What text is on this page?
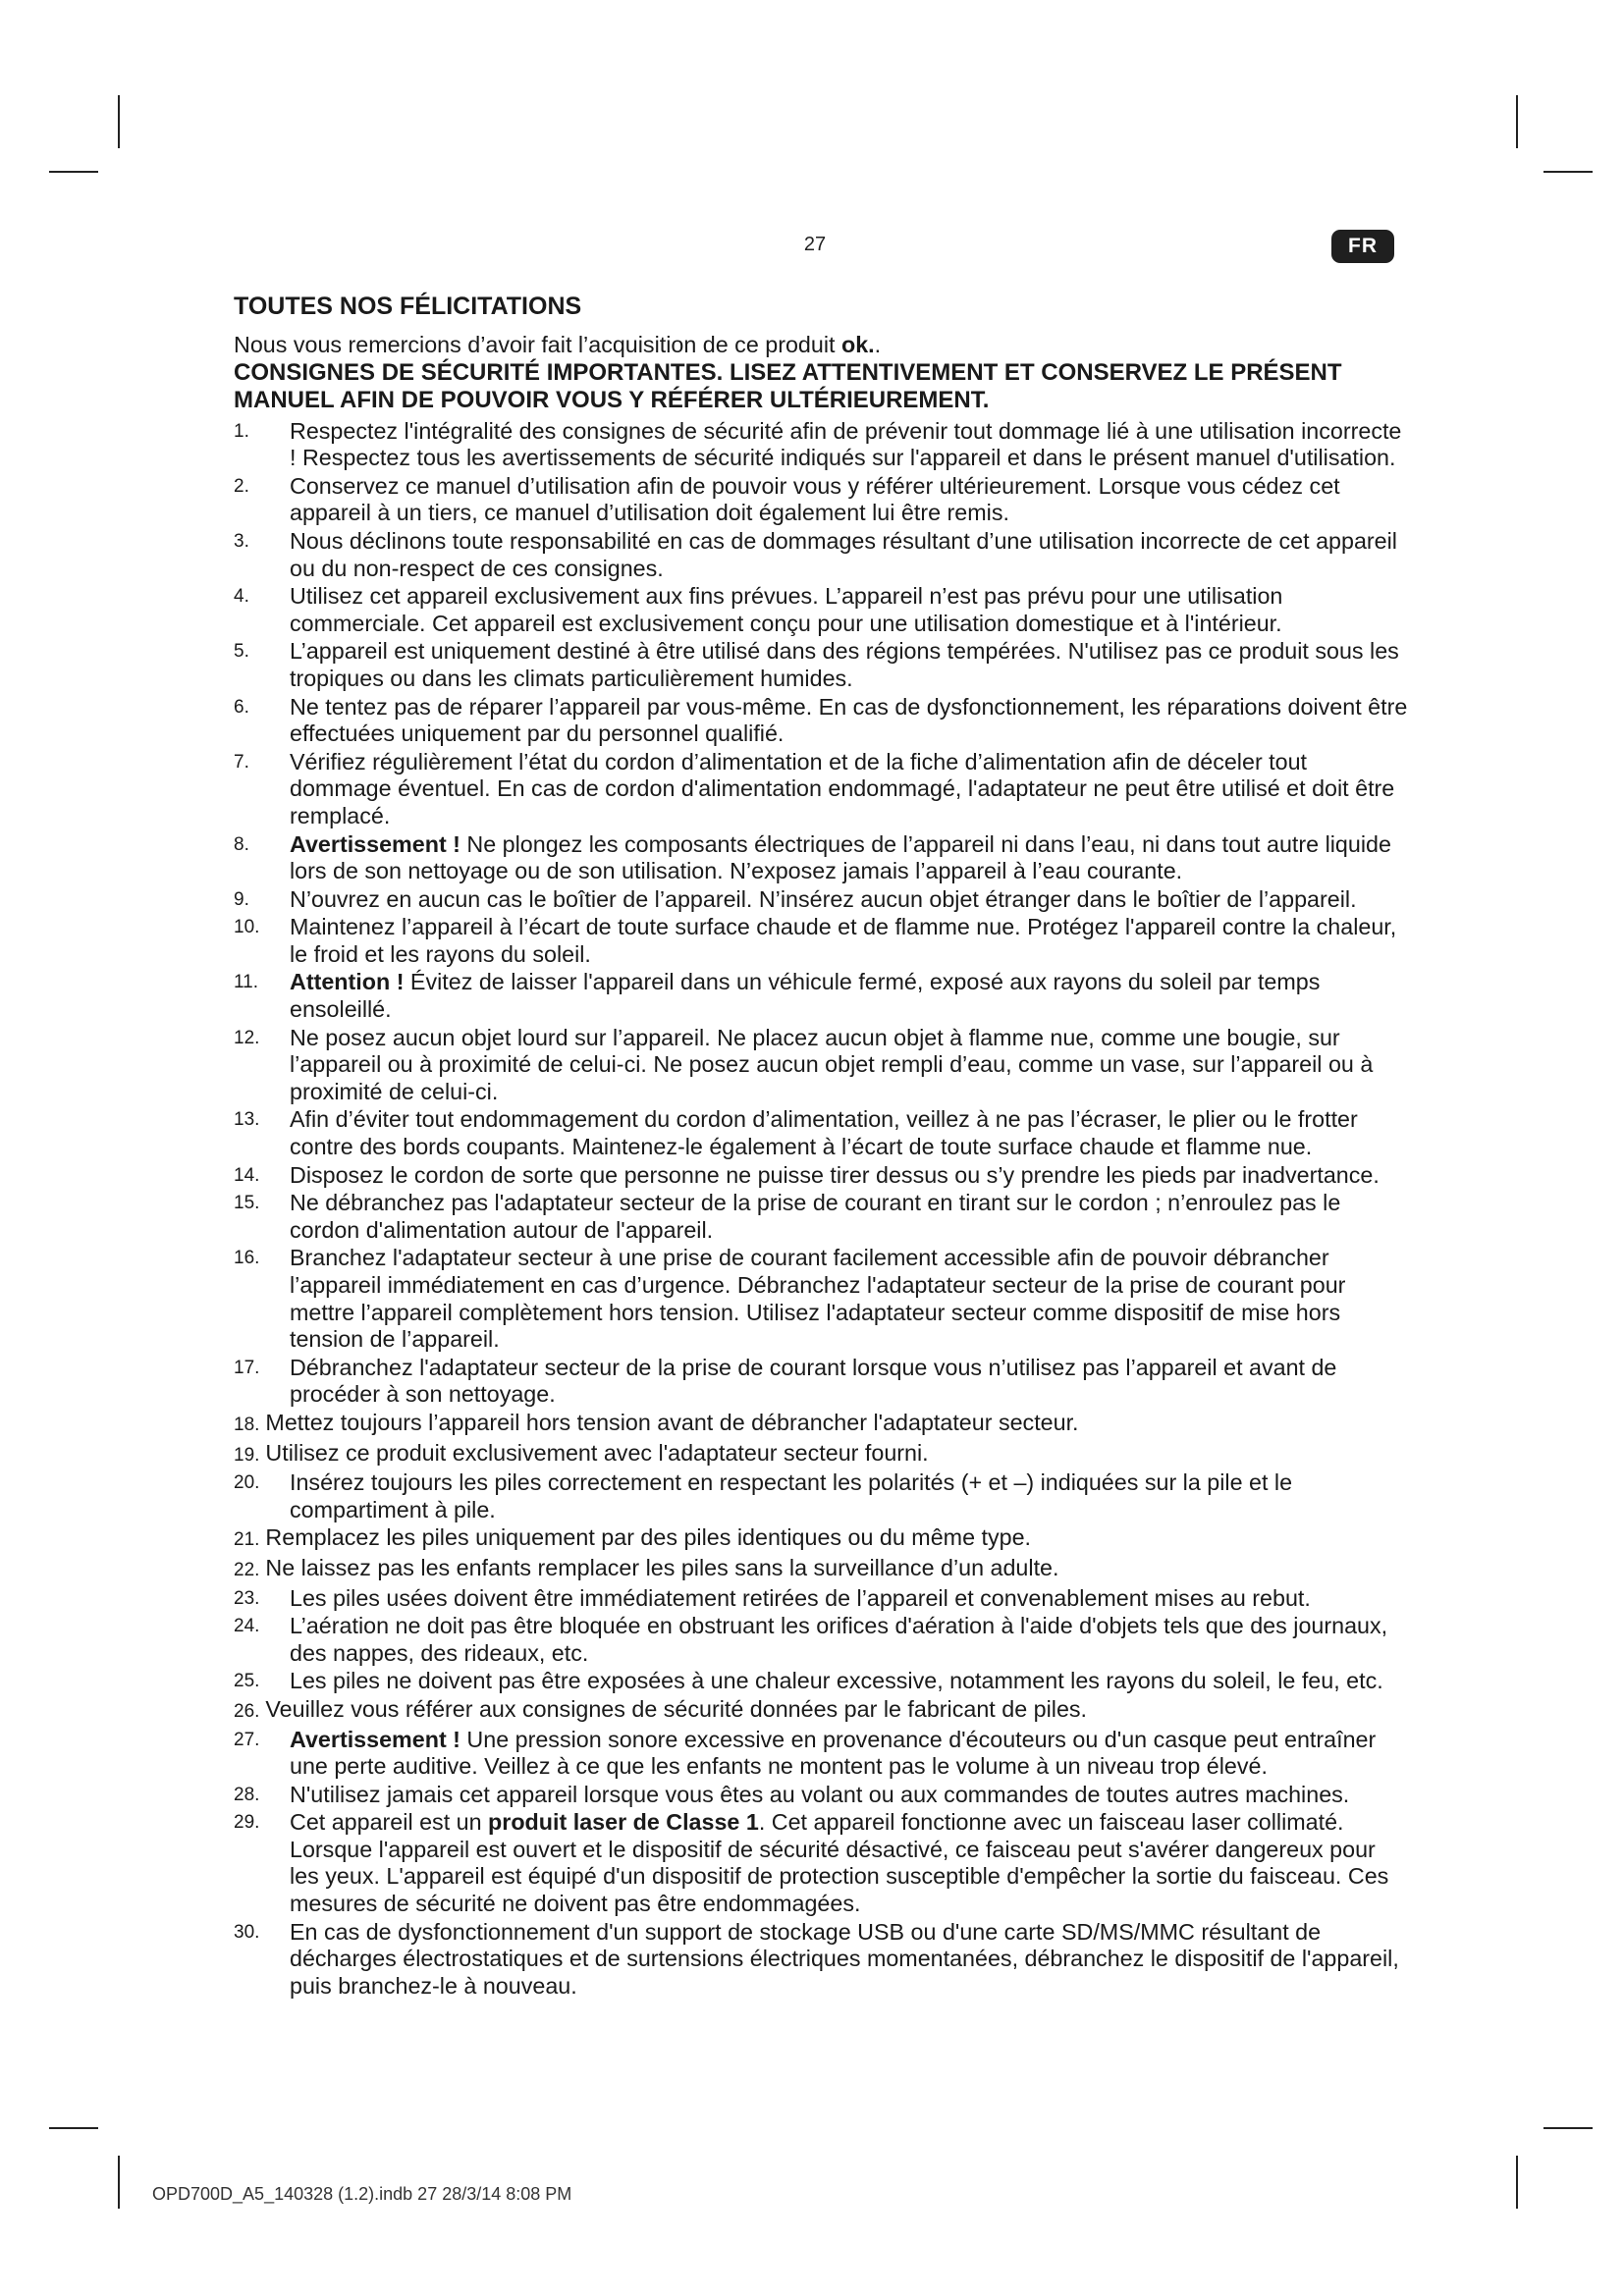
27	FR
TOUTES NOS FÉLICITATIONS

Nous vous remercions d’avoir fait l’acquisition de ce produit ok..

CONSIGNES DE SÉCURITÉ IMPORTANTES. LISEZ ATTENTIVEMENT ET CONSERVEZ LE PRÉSENT MANUEL AFIN DE POUVOIR VOUS Y RÉFÉRER ULTÉRIEUREMENT.

1. Respectez l'intégralité des consignes de sécurité afin de prévenir tout dommage lié à une utilisation incorrecte ! Respectez tous les avertissements de sécurité indiqués sur l'appareil et dans le présent manuel d'utilisation.
2. Conservez ce manuel d’utilisation afin de pouvoir vous y référer ultérieurement. Lorsque vous cédez cet appareil à un tiers, ce manuel d’utilisation doit également lui être remis.
3. Nous déclinons toute responsabilité en cas de dommages résultant d’une utilisation incorrecte de cet appareil ou du non-respect de ces consignes.
4. Utilisez cet appareil exclusivement aux fins prévues. L’appareil n’est pas prévu pour une utilisation commerciale. Cet appareil est exclusivement conçu pour une utilisation domestique et à l'intérieur.
5. L’appareil est uniquement destiné à être utilisé dans des régions tempérées. N'utilisez pas ce produit sous les tropiques ou dans les climats particulièrement humides.
6. Ne tentez pas de réparer l’appareil par vous-même. En cas de dysfonctionnement, les réparations doivent être effectuées uniquement par du personnel qualifié.
7. Vérifiez régulièrement l’état du cordon d’alimentation et de la fiche d’alimentation afin de déceler tout dommage éventuel. En cas de cordon d'alimentation endommagé, l'adaptateur ne peut être utilisé et doit être remplacé.
8. Avertissement ! Ne plongez les composants électriques de l’appareil ni dans l’eau, ni dans tout autre liquide lors de son nettoyage ou de son utilisation. N’exposez jamais l’appareil à l’eau courante.
9. N’ouvrez en aucun cas le boîtier de l’appareil. N’insérez aucun objet étranger dans le boîtier de l’appareil.
10. Maintenez l’appareil à l’écart de toute surface chaude et de flamme nue. Protégez l'appareil contre la chaleur, le froid et les rayons du soleil.
11. Attention ! Évitez de laisser l'appareil dans un véhicule fermé, exposé aux rayons du soleil par temps ensoleillé.
12. Ne posez aucun objet lourd sur l’appareil. Ne placez aucun objet à flamme nue, comme une bougie, sur l’appareil ou à proximité de celui-ci. Ne posez aucun objet rempli d’eau, comme un vase, sur l’appareil ou à proximité de celui-ci.
13. Afin d’éviter tout endommagement du cordon d’alimentation, veillez à ne pas l’écraser, le plier ou le frotter contre des bords coupants. Maintenez-le également à l’écart de toute surface chaude et flamme nue.
14. Disposez le cordon de sorte que personne ne puisse tirer dessus ou s’y prendre les pieds par inadvertance.
15. Ne débranchez pas l'adaptateur secteur de la prise de courant en tirant sur le cordon ; n’enroulez pas le cordon d'alimentation autour de l'appareil.
16. Branchez l'adaptateur secteur à une prise de courant facilement accessible afin de pouvoir débrancher l’appareil immédiatement en cas d’urgence. Débranchez l'adaptateur secteur de la prise de courant pour mettre l’appareil complètement hors tension. Utilisez l'adaptateur secteur comme dispositif de mise hors tension de l’appareil.
17. Débranchez l'adaptateur secteur de la prise de courant lorsque vous n’utilisez pas l’appareil et avant de procéder à son nettoyage.
18. Mettez toujours l’appareil hors tension avant de débrancher l'adaptateur secteur.
19. Utilisez ce produit exclusivement avec l'adaptateur secteur fourni.
20. Insérez toujours les piles correctement en respectant les polarités (+ et –) indiquées sur la pile et le compartiment à pile.
21. Remplacez les piles uniquement par des piles identiques ou du même type.
22. Ne laissez pas les enfants remplacer les piles sans la surveillance d’un adulte.
23. Les piles usées doivent être immédiatement retirées de l’appareil et convenablement mises au rebut.
24. L’aération ne doit pas être bloquée en obstruant les orifices d'aération à l'aide d'objets tels que des journaux, des nappes, des rideaux, etc.
25. Les piles ne doivent pas être exposées à une chaleur excessive, notamment les rayons du soleil, le feu, etc.
26. Veuillez vous référer aux consignes de sécurité données par le fabricant de piles.
27. Avertissement ! Une pression sonore excessive en provenance d'écouteurs ou d'un casque peut entraîner une perte auditive. Veillez à ce que les enfants ne montent pas le volume à un niveau trop élevé.
28. N'utilisez jamais cet appareil lorsque vous êtes au volant ou aux commandes de toutes autres machines.
29. Cet appareil est un produit laser de Classe 1. Cet appareil fonctionne avec un faisceau laser collimaté. Lorsque l'appareil est ouvert et le dispositif de sécurité désactivé, ce faisceau peut s'avérer dangereux pour les yeux. L'appareil est équipé d'un dispositif de protection susceptible d'empêcher la sortie du faisceau. Ces mesures de sécurité ne doivent pas être endommagées.
30. En cas de dysfonctionnement d'un support de stockage USB ou d'une carte SD/MS/MMC résultant de décharges électrostatiques et de surtensions électriques momentanées, débranchez le dispositif de l'appareil, puis branchez-le à nouveau.
OPD700D_A5_140328 (1.2).indb 27 28/3/14 8:08 PM
